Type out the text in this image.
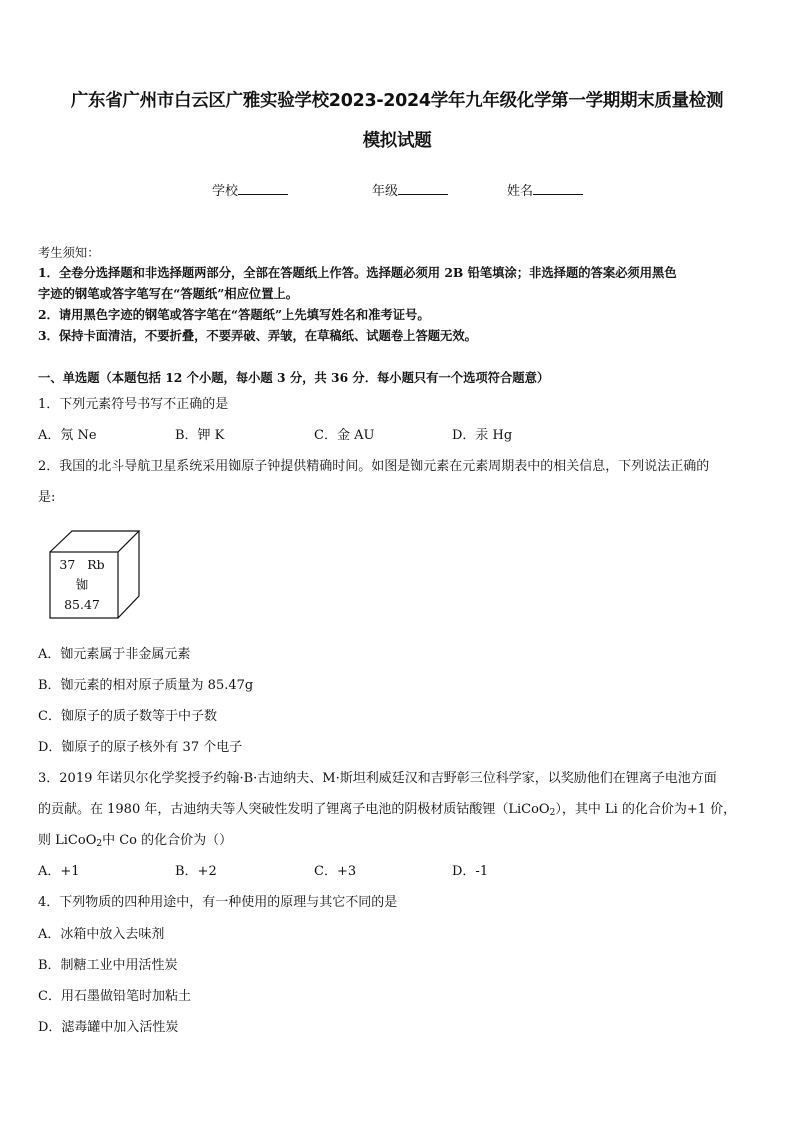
广东省广州市白云区广雅实验学校2023-2024学年九年级化学第一学期期末质量检测
模拟试题
学校	年级	姓名
考生须知：
1．全卷分选择题和非选择题两部分，全部在答题纸上作答。选择题必须用 2B 铅笔填涂；非选择题的答案必须用黑色
字迹的钢笔或答字笔写在“答题纸”相应位置上。
2．请用黑色字迹的钢笔或答字笔在“答题纸”上先填写姓名和准考证号。
3．保持卡面清洁，不要折叠，不要弄破、弄皱，在草稿纸、试题卷上答题无效。
一、单选题（本题包括 12 个小题，每小题 3 分，共 36 分．每小题只有一个选项符合题意）
1．下列元素符号书写不正确的是
A．氖 Ne	B．钾 K	C．金 AU	D．汞 Hg
2．我国的北斗导航卫星系统采用铷原子钟提供精确时间。如图是铷元素在元素周期表中的相关信息，下列说法正确的
是:
37 Rb
铷
85.47
A．铷元素属于非金属元素
B．铷元素的相对原子质量为 85.47g
C．铷原子的质子数等于中子数
D．铷原子的原子核外有 37 个电子
3．2019 年诺贝尔化学奖授予约翰·B·古迪纳夫、M·斯坦利威廷汉和吉野彰三位科学家，以奖励他们在锂离子电池方面
的贡献。在 1980 年，古迪纳夫等人突破性发明了锂离子电池的阴极材质钴酸锂（LiCoO$_2$），其中 Li 的化合价为+1 价，
则 LiCoO$_2$中 Co 的化合价为（）
A．+1	B．+2	C．+3	D．-1
4．下列物质的四种用途中，有一种使用的原理与其它不同的是
A．冰箱中放入去味剂
B．制糖工业中用活性炭
C．用石墨做铅笔时加粘土
D．滤毒罐中加入活性炭
